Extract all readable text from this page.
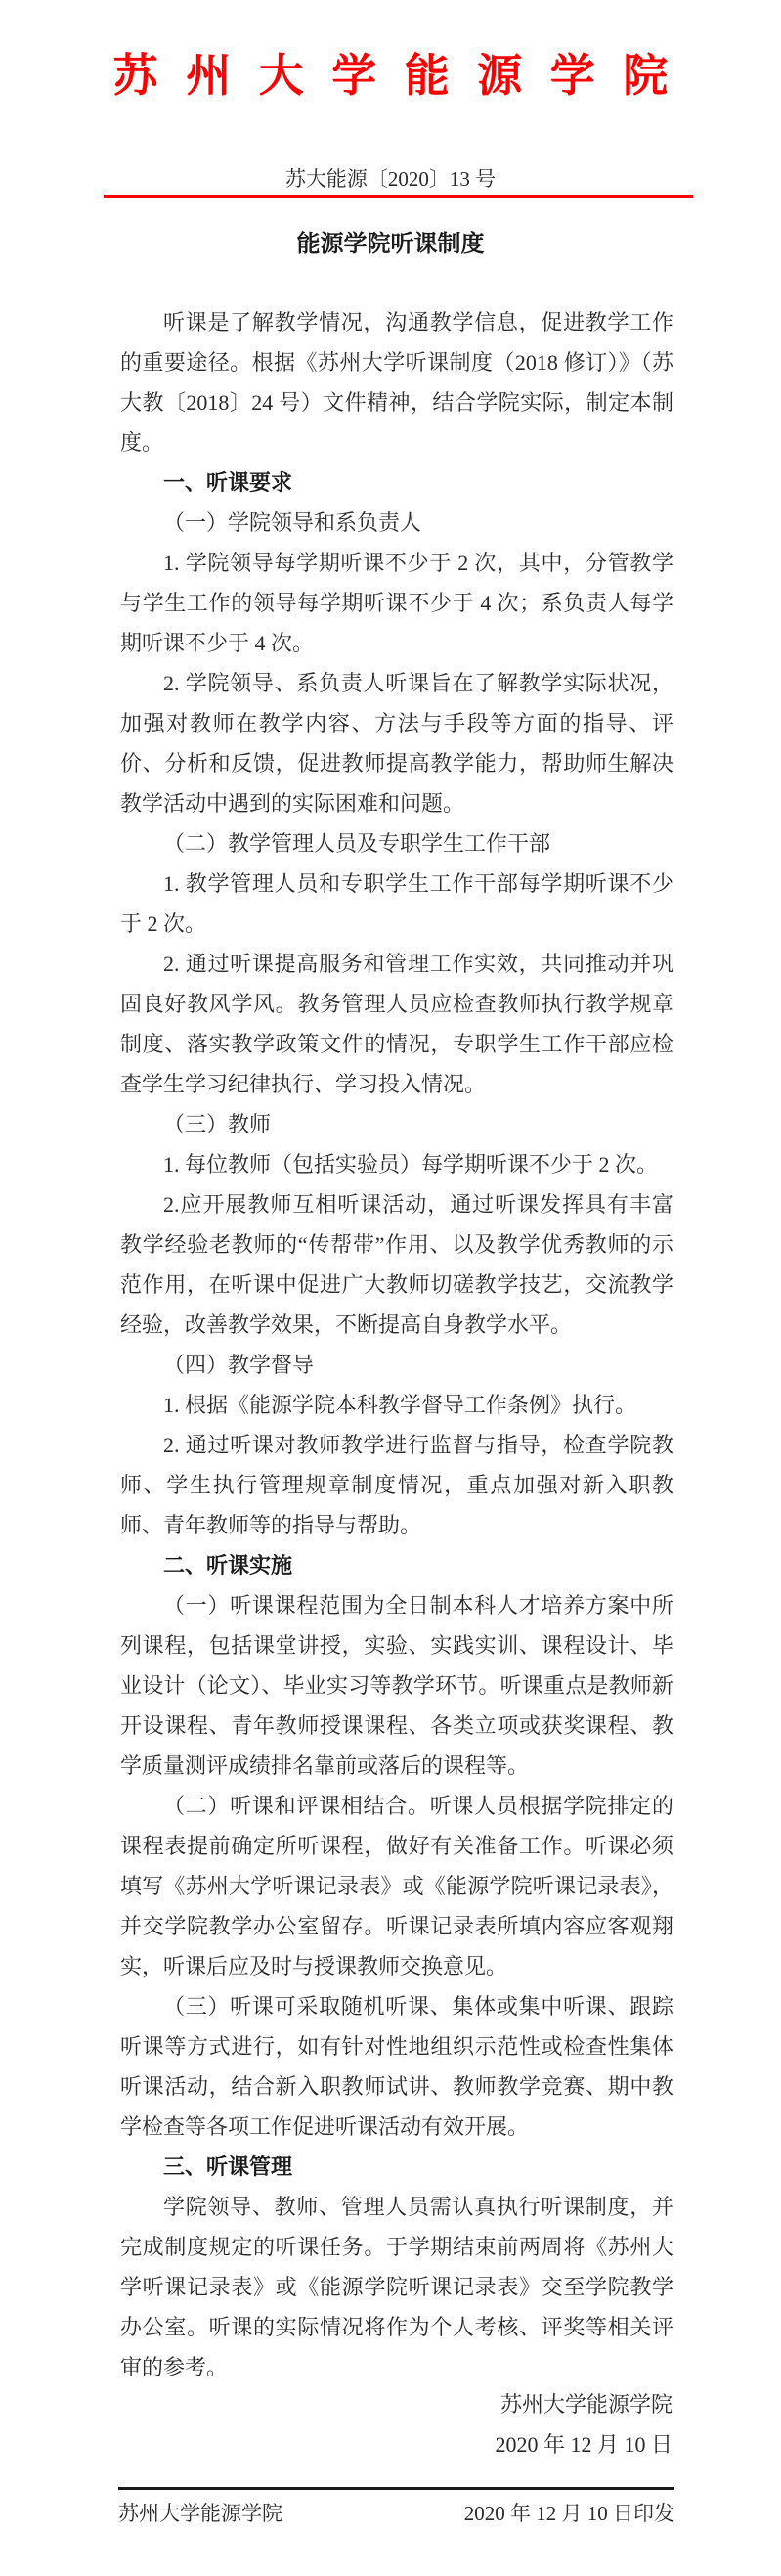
苏州大学能源学院
苏大能源〔2020〕13 号
能源学院听课制度

听课是了解教学情况，沟通教学信息，促进教学工作的重要途径。根据《苏州大学听课制度（2018 修订）》（苏大教〔2018〕24 号）文件精神，结合学院实际，制定本制度。

一、听课要求

（一）学院领导和系负责人

1. 学院领导每学期听课不少于 2 次，其中，分管教学与学生工作的领导每学期听课不少于 4 次；系负责人每学期听课不少于 4 次。

2. 学院领导、系负责人听课旨在了解教学实际状况，加强对教师在教学内容、方法与手段等方面的指导、评价、分析和反馈，促进教师提高教学能力，帮助师生解决教学活动中遇到的实际困难和问题。

（二）教学管理人员及专职学生工作干部

1. 教学管理人员和专职学生工作干部每学期听课不少于 2 次。

2. 通过听课提高服务和管理工作实效，共同推动并巩固良好教风学风。教务管理人员应检查教师执行教学规章制度、落实教学政策文件的情况，专职学生工作干部应检查学生学习纪律执行、学习投入情况。

（三）教师

1. 每位教师（包括实验员）每学期听课不少于 2 次。

2.应开展教师互相听课活动，通过听课发挥具有丰富教学经验老教师的“传帮带”作用、以及教学优秀教师的示范作用，在听课中促进广大教师切磋教学技艺，交流教学经验，改善教学效果，不断提高自身教学水平。

（四）教学督导

1. 根据《能源学院本科教学督导工作条例》执行。

2. 通过听课对教师教学进行监督与指导，检查学院教师、学生执行管理规章制度情况，重点加强对新入职教师、青年教师等的指导与帮助。

二、听课实施

（一）听课课程范围为全日制本科人才培养方案中所列课程，包括课堂讲授，实验、实践实训、课程设计、毕业设计（论文）、毕业实习等教学环节。听课重点是教师新开设课程、青年教师授课课程、各类立项或获奖课程、教学质量测评成绩排名靠前或落后的课程等。

（二）听课和评课相结合。听课人员根据学院排定的课程表提前确定所听课程，做好有关准备工作。听课必须填写《苏州大学听课记录表》或《能源学院听课记录表》，并交学院教学办公室留存。听课记录表所填内容应客观翔实，听课后应及时与授课教师交换意见。

（三）听课可采取随机听课、集体或集中听课、跟踪听课等方式进行，如有针对性地组织示范性或检查性集体听课活动，结合新入职教师试讲、教师教学竞赛、期中教学检查等各项工作促进听课活动有效开展。

三、听课管理

学院领导、教师、管理人员需认真执行听课制度，并完成制度规定的听课任务。于学期结束前两周将《苏州大学听课记录表》或《能源学院听课记录表》交至学院教学办公室。听课的实际情况将作为个人考核、评奖等相关评审的参考。

苏州大学能源学院
2020 年 12 月 10 日
苏州大学能源学院	2020 年 12 月 10 日印发
